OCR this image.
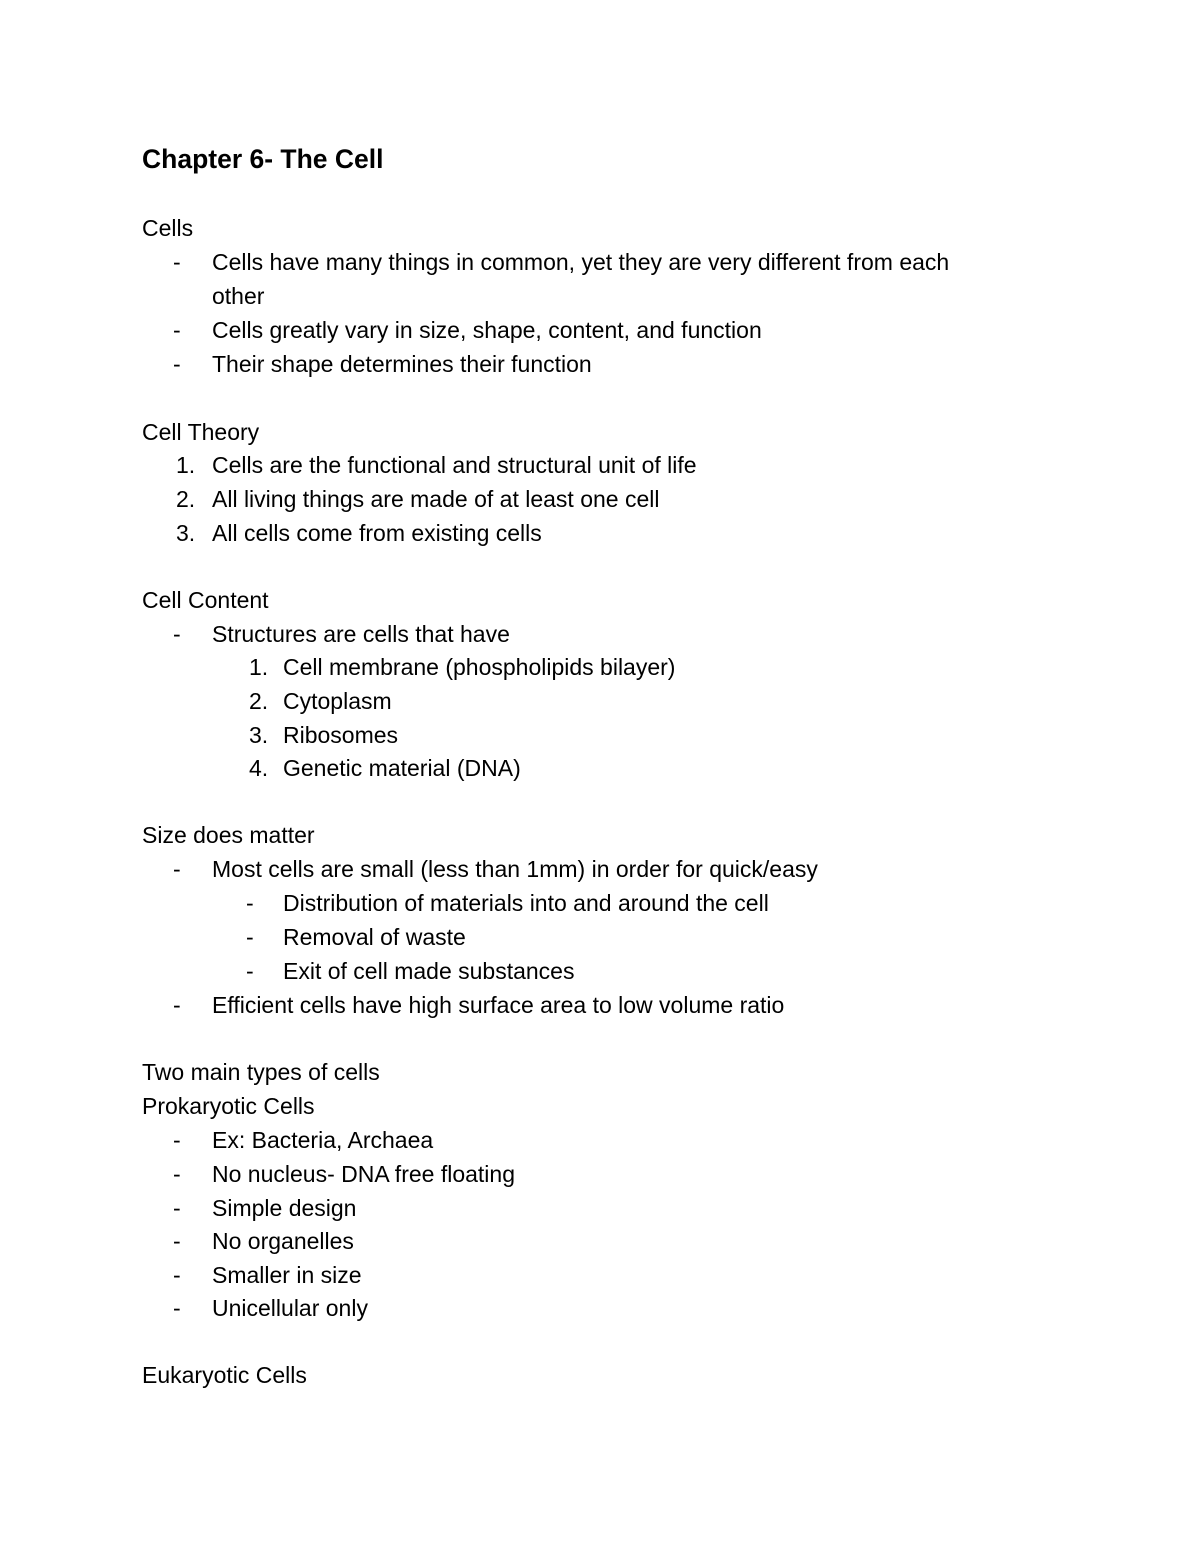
Chapter 6- The Cell
Cells
- Cells have many things in common, yet they are very different from each
other
- Cells greatly vary in size, shape, content, and function
- Their shape determines their function
Cell Theory
1. Cells are the functional and structural unit of life
2. All living things are made of at least one cell
3. All cells come from existing cells
Cell Content
- Structures are cells that have
1. Cell membrane (phospholipids bilayer)
2. Cytoplasm
3. Ribosomes
4. Genetic material (DNA)
Size does matter
- Most cells are small (less than 1mm) in order for quick/easy
- Distribution of materials into and around the cell
- Removal of waste
- Exit of cell made substances
- Efficient cells have high surface area to low volume ratio
Two main types of cells
Prokaryotic Cells
- Ex: Bacteria, Archaea
- No nucleus- DNA free floating
- Simple design
- No organelles
- Smaller in size
- Unicellular only
Eukaryotic Cells
